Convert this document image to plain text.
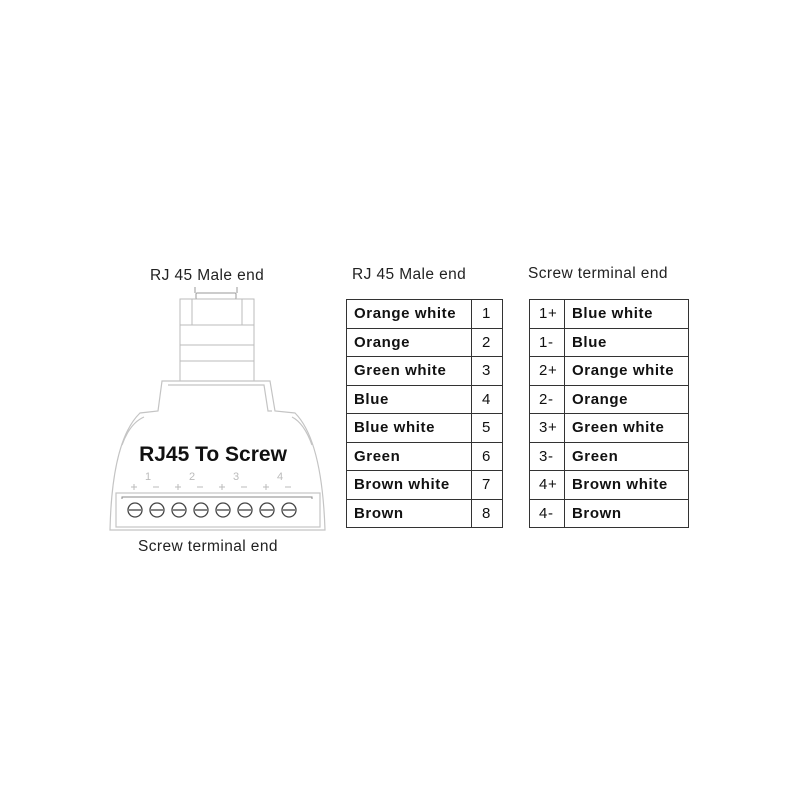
RJ 45 Male end
RJ45 To Screw
1	2	3	4
Screw terminal end
RJ 45 Male end
Orange white	1
Orange	2
Green white	3
Blue	4
Blue white	5
Green	6
Brown white	7
Brown	8
Screw terminal end
1+	Blue white
1-	Blue
2+	Orange white
2-	Orange
3+	Green white
3-	Green
4+	Brown white
4-	Brown
